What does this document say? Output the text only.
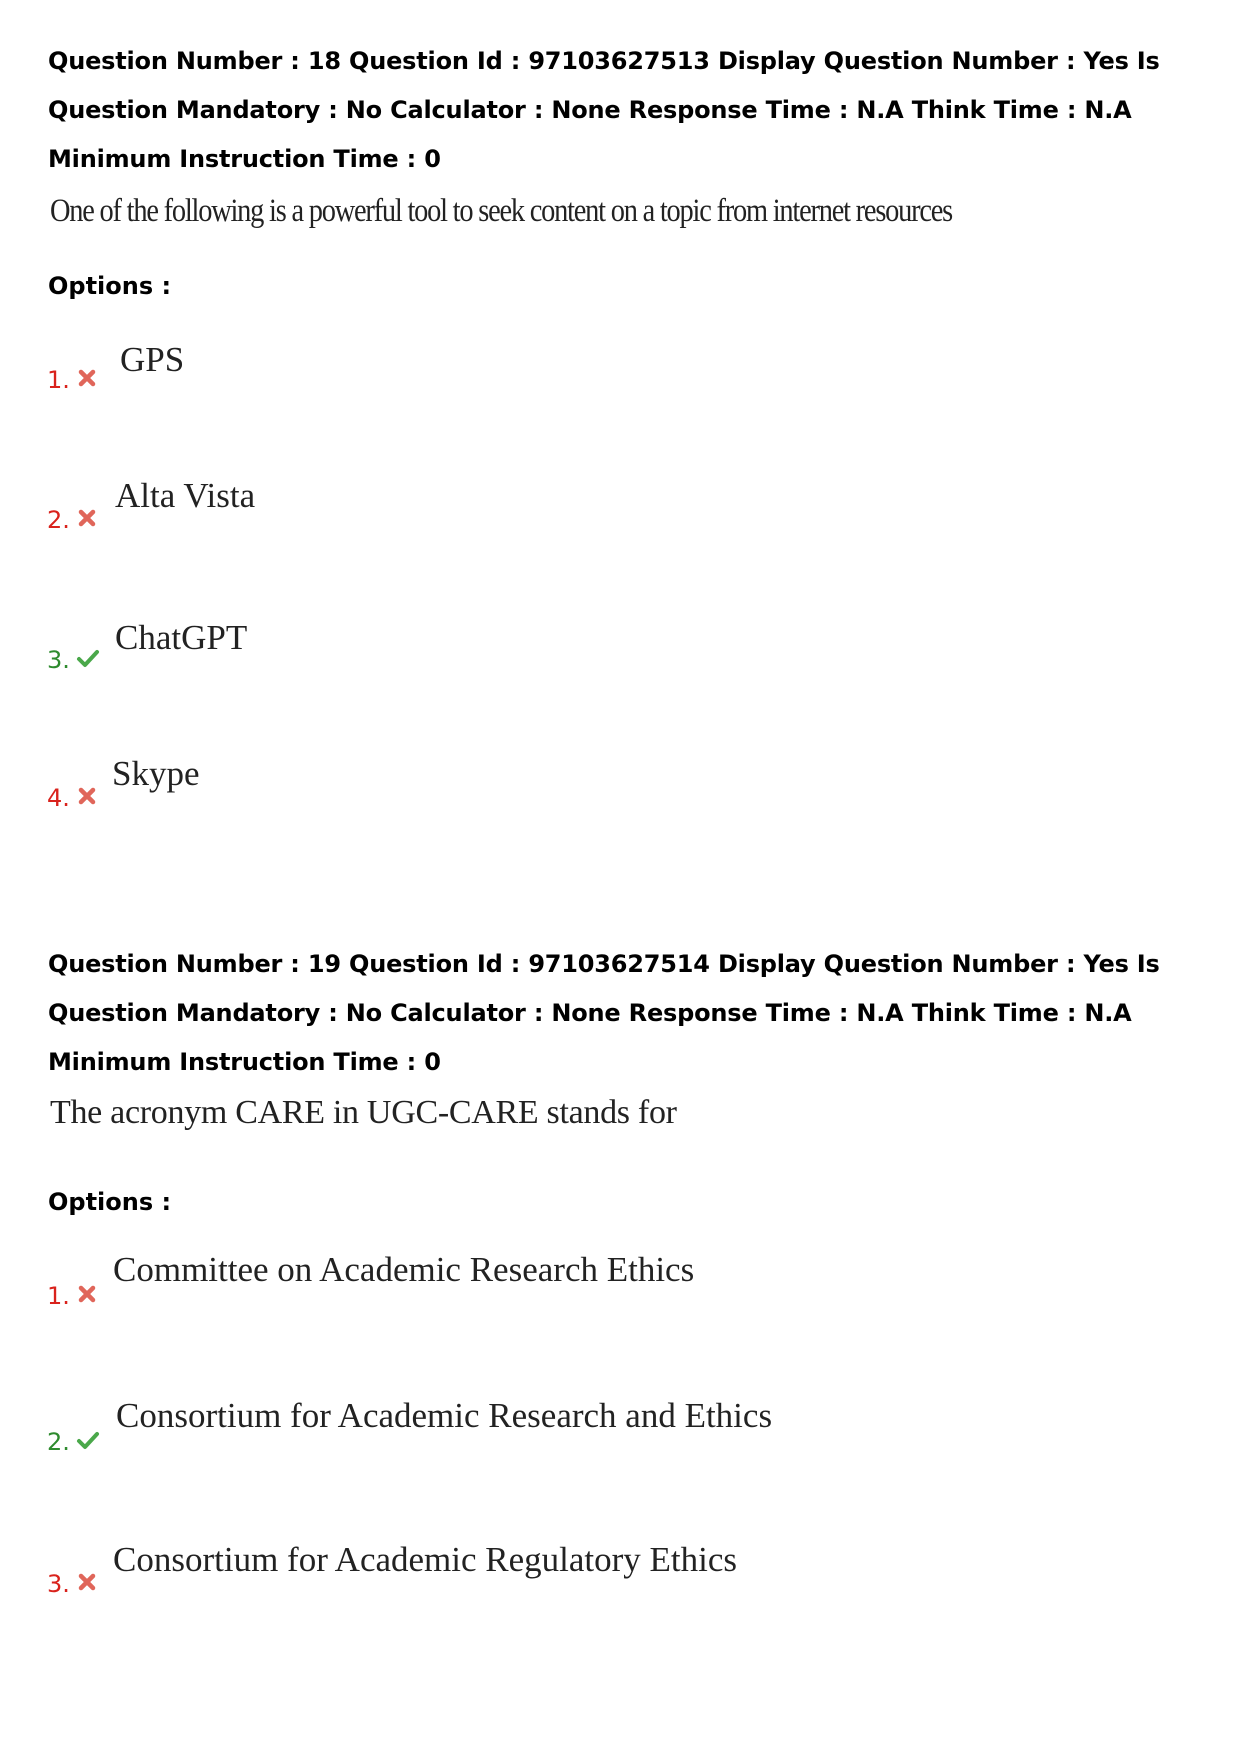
Question Number : 18 Question Id : 97103627513 Display Question Number : Yes Is Question Mandatory : No Calculator : None Response Time : N.A Think Time : N.A Minimum Instruction Time : 0
One of the following is a powerful tool to seek content on a topic from internet resources
Options :
1.
GPS
2.
Alta Vista
3.
ChatGPT
4.
Skype
Question Number : 19 Question Id : 97103627514 Display Question Number : Yes Is Question Mandatory : No Calculator : None Response Time : N.A Think Time : N.A Minimum Instruction Time : 0
The acronym CARE in UGC-CARE stands for
Options :
1.
Committee on Academic Research Ethics
2.
Consortium for Academic Research and Ethics
3.
Consortium for Academic Regulatory Ethics
